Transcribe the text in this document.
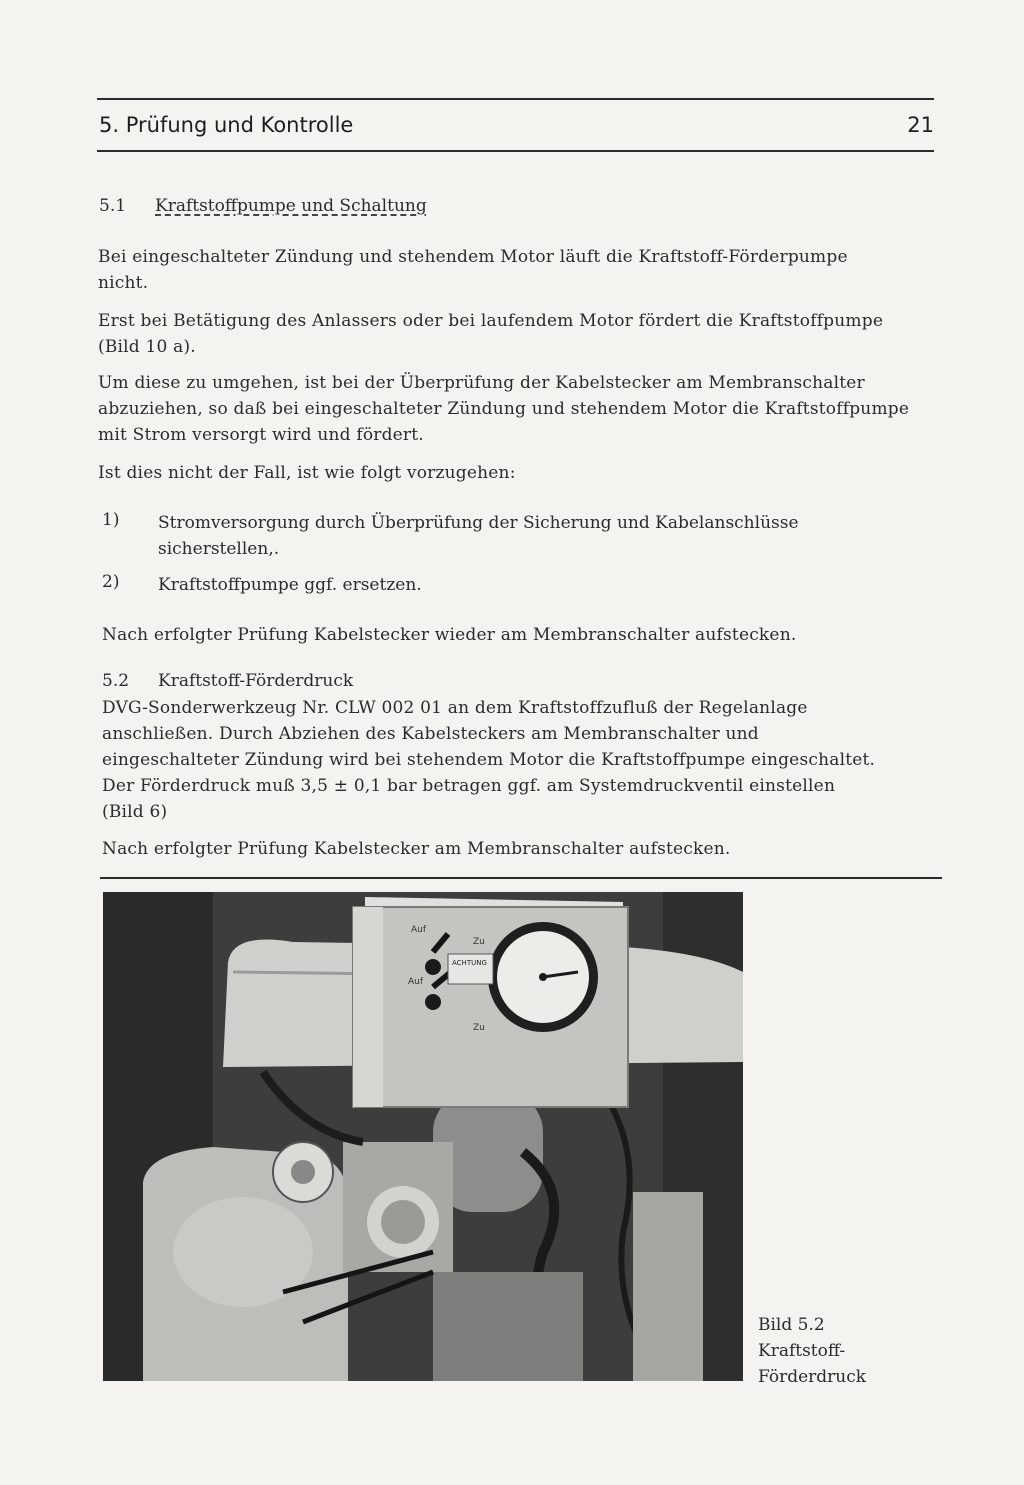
5. Prüfung und Kontrolle	21
5.1 Kraftstoffpumpe und Schaltung
Bei eingeschalteter Zündung und stehendem Motor läuft die Kraftstoff-Förderpumpe nicht.
Erst bei Betätigung des Anlassers oder bei laufendem Motor fördert die Kraftstoffpumpe (Bild 10 a).
Um diese zu umgehen, ist bei der Überprüfung der Kabelstecker am Membranschalter abzuziehen, so daß bei eingeschalteter Zündung und stehendem Motor die Kraftstoffpumpe mit Strom versorgt wird und fördert.
Ist dies nicht der Fall, ist wie folgt vorzugehen:
1) Stromversorgung durch Überprüfung der Sicherung und Kabelanschlüsse sicherstellen,.
2) Kraftstoffpumpe ggf. ersetzen.
Nach erfolgter Prüfung Kabelstecker wieder am Membranschalter aufstecken.
5.2 Kraftstoff-Förderdruck
DVG-Sonderwerkzeug Nr. CLW 002 01 an dem Kraftstoffzufluß der Regelanlage anschließen. Durch Abziehen des Kabelsteckers am Membranschalter und eingeschalteter Zündung wird bei stehendem Motor die Kraftstoffpumpe eingeschaltet. Der Förderdruck muß 3,5 ± 0,1 bar betragen ggf. am Systemdruckventil einstellen (Bild 6)
Nach erfolgter Prüfung Kabelstecker am Membranschalter aufstecken.
Auf
Zu
Auf
Zu
ACHTUNG
Bild 5.2
Kraftstoff-
Förderdruck
